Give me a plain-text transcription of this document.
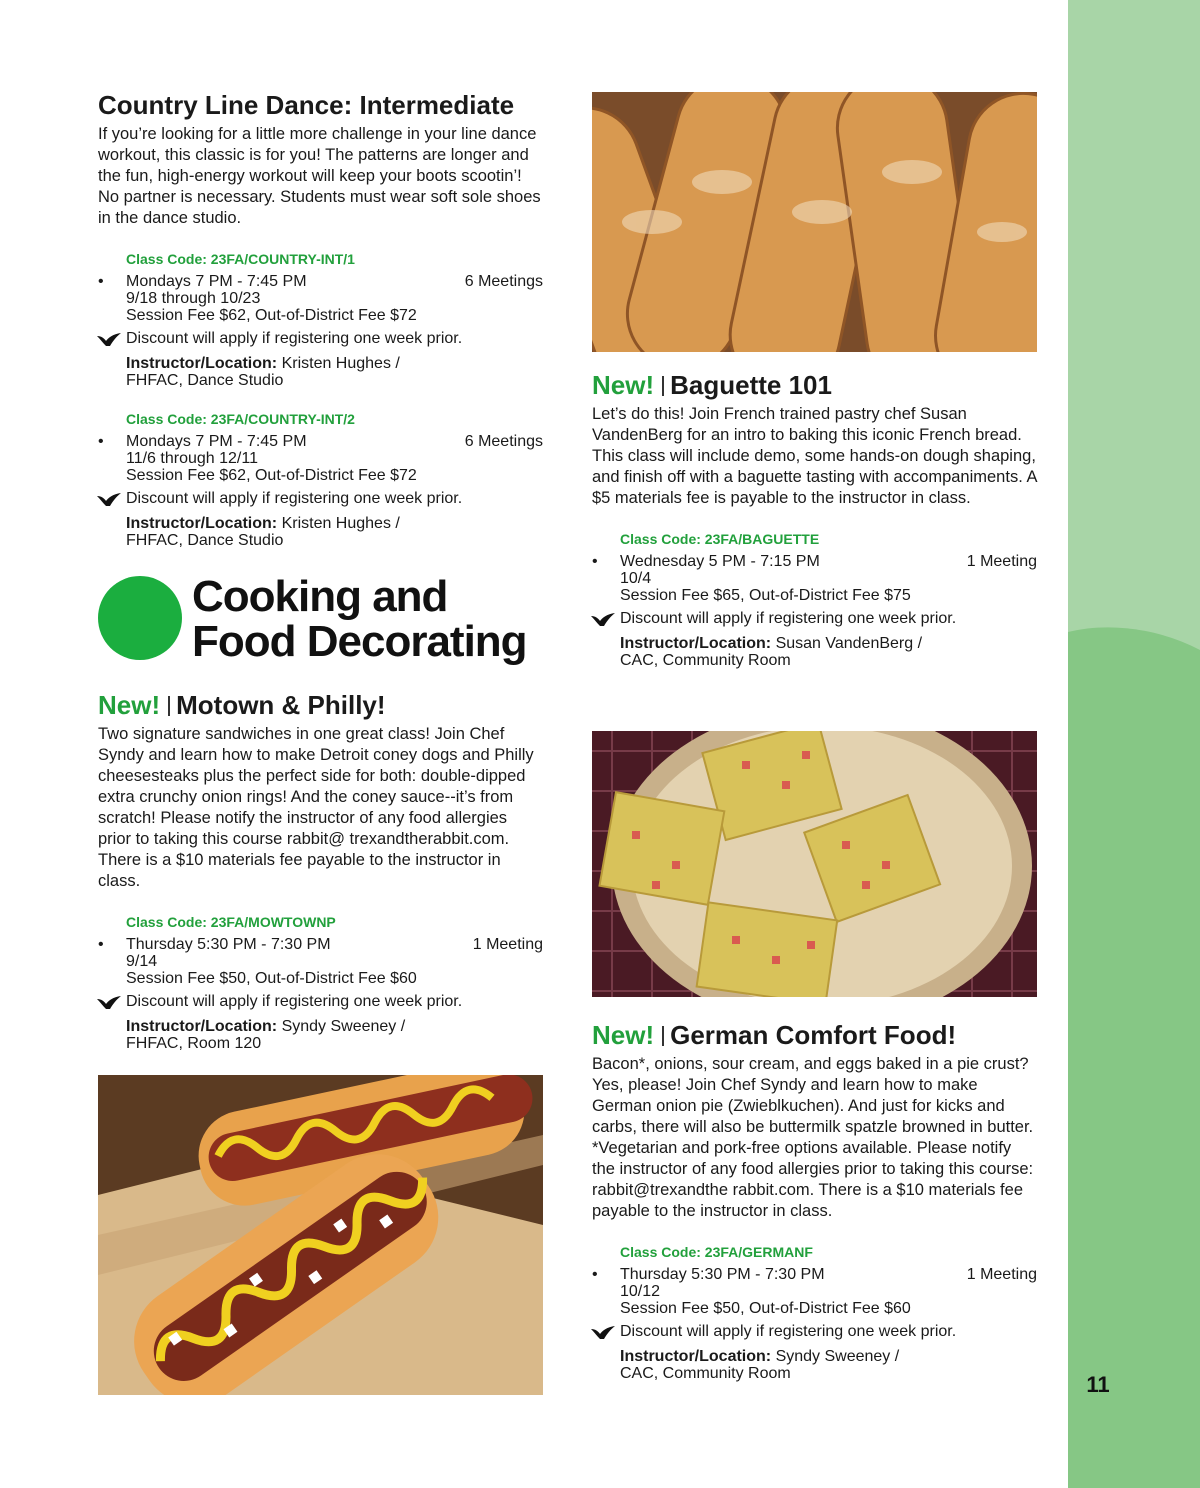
11
Country Line Dance: Intermediate

If you’re looking for a little more challenge in your line dance workout, this classic is for you! The patterns are longer and the fun, high-energy workout will keep your boots scootin’! No partner is necessary. Students must wear soft sole shoes in the dance studio.

Class Code: 23FA/COUNTRY-INT/1
•	Mondays 7 PM - 7:45 PM	6 Meetings
9/18 through 10/23
Session Fee $62, Out-of-District Fee $72
Discount will apply if registering one week prior.
Instructor/Location: Kristen Hughes /
FHFAC, Dance Studio
Class Code: 23FA/COUNTRY-INT/2
•	Mondays 7 PM - 7:45 PM	6 Meetings
11/6 through 12/11
Session Fee $62, Out-of-District Fee $72
Discount will apply if registering one week prior.
Instructor/Location: Kristen Hughes /
FHFAC, Dance Studio
Cooking and
Food Decorating
New! Motown & Philly!

Two signature sandwiches in one great class! Join Chef Syndy and learn how to make Detroit coney dogs and Philly cheesesteaks plus the perfect side for both: double-dipped extra crunchy onion rings! And the coney sauce--it’s from scratch! Please notify the instructor of any food allergies prior to taking this course rabbit@ trexandtherabbit.com. There is a $10 materials fee payable to the instructor in class.

Class Code: 23FA/MOWTOWNP
•	Thursday 5:30 PM - 7:30 PM	1 Meeting
9/14
Session Fee $50, Out-of-District Fee $60
Discount will apply if registering one week prior.
Instructor/Location: Syndy Sweeney /
FHFAC, Room 120
New! Baguette 101

Let’s do this! Join French trained pastry chef Susan VandenBerg for an intro to baking this iconic French bread. This class will include demo, some hands-on dough shaping, and finish off with a baguette tasting with accompaniments. A $5 materials fee is payable to the instructor in class.

Class Code: 23FA/BAGUETTE
•	Wednesday 5 PM - 7:15 PM	1 Meeting
10/4
Session Fee $65, Out-of-District Fee $75
Discount will apply if registering one week prior.
Instructor/Location: Susan VandenBerg /
CAC, Community Room
New! German Comfort Food!

Bacon*, onions, sour cream, and eggs baked in a pie crust? Yes, please! Join Chef Syndy and learn how to make German onion pie (Zwieblkuchen). And just for kicks and carbs, there will also be buttermilk spatzle browned in butter. *Vegetarian and pork-free options available. Please notify the instructor of any food allergies prior to taking this course: rabbit@trexandthe rabbit.com. There is a $10 materials fee payable to the instructor in class.

Class Code: 23FA/GERMANF
•	Thursday 5:30 PM - 7:30 PM	1 Meeting
10/12
Session Fee $50, Out-of-District Fee $60
Discount will apply if registering one week prior.
Instructor/Location: Syndy Sweeney /
CAC, Community Room
